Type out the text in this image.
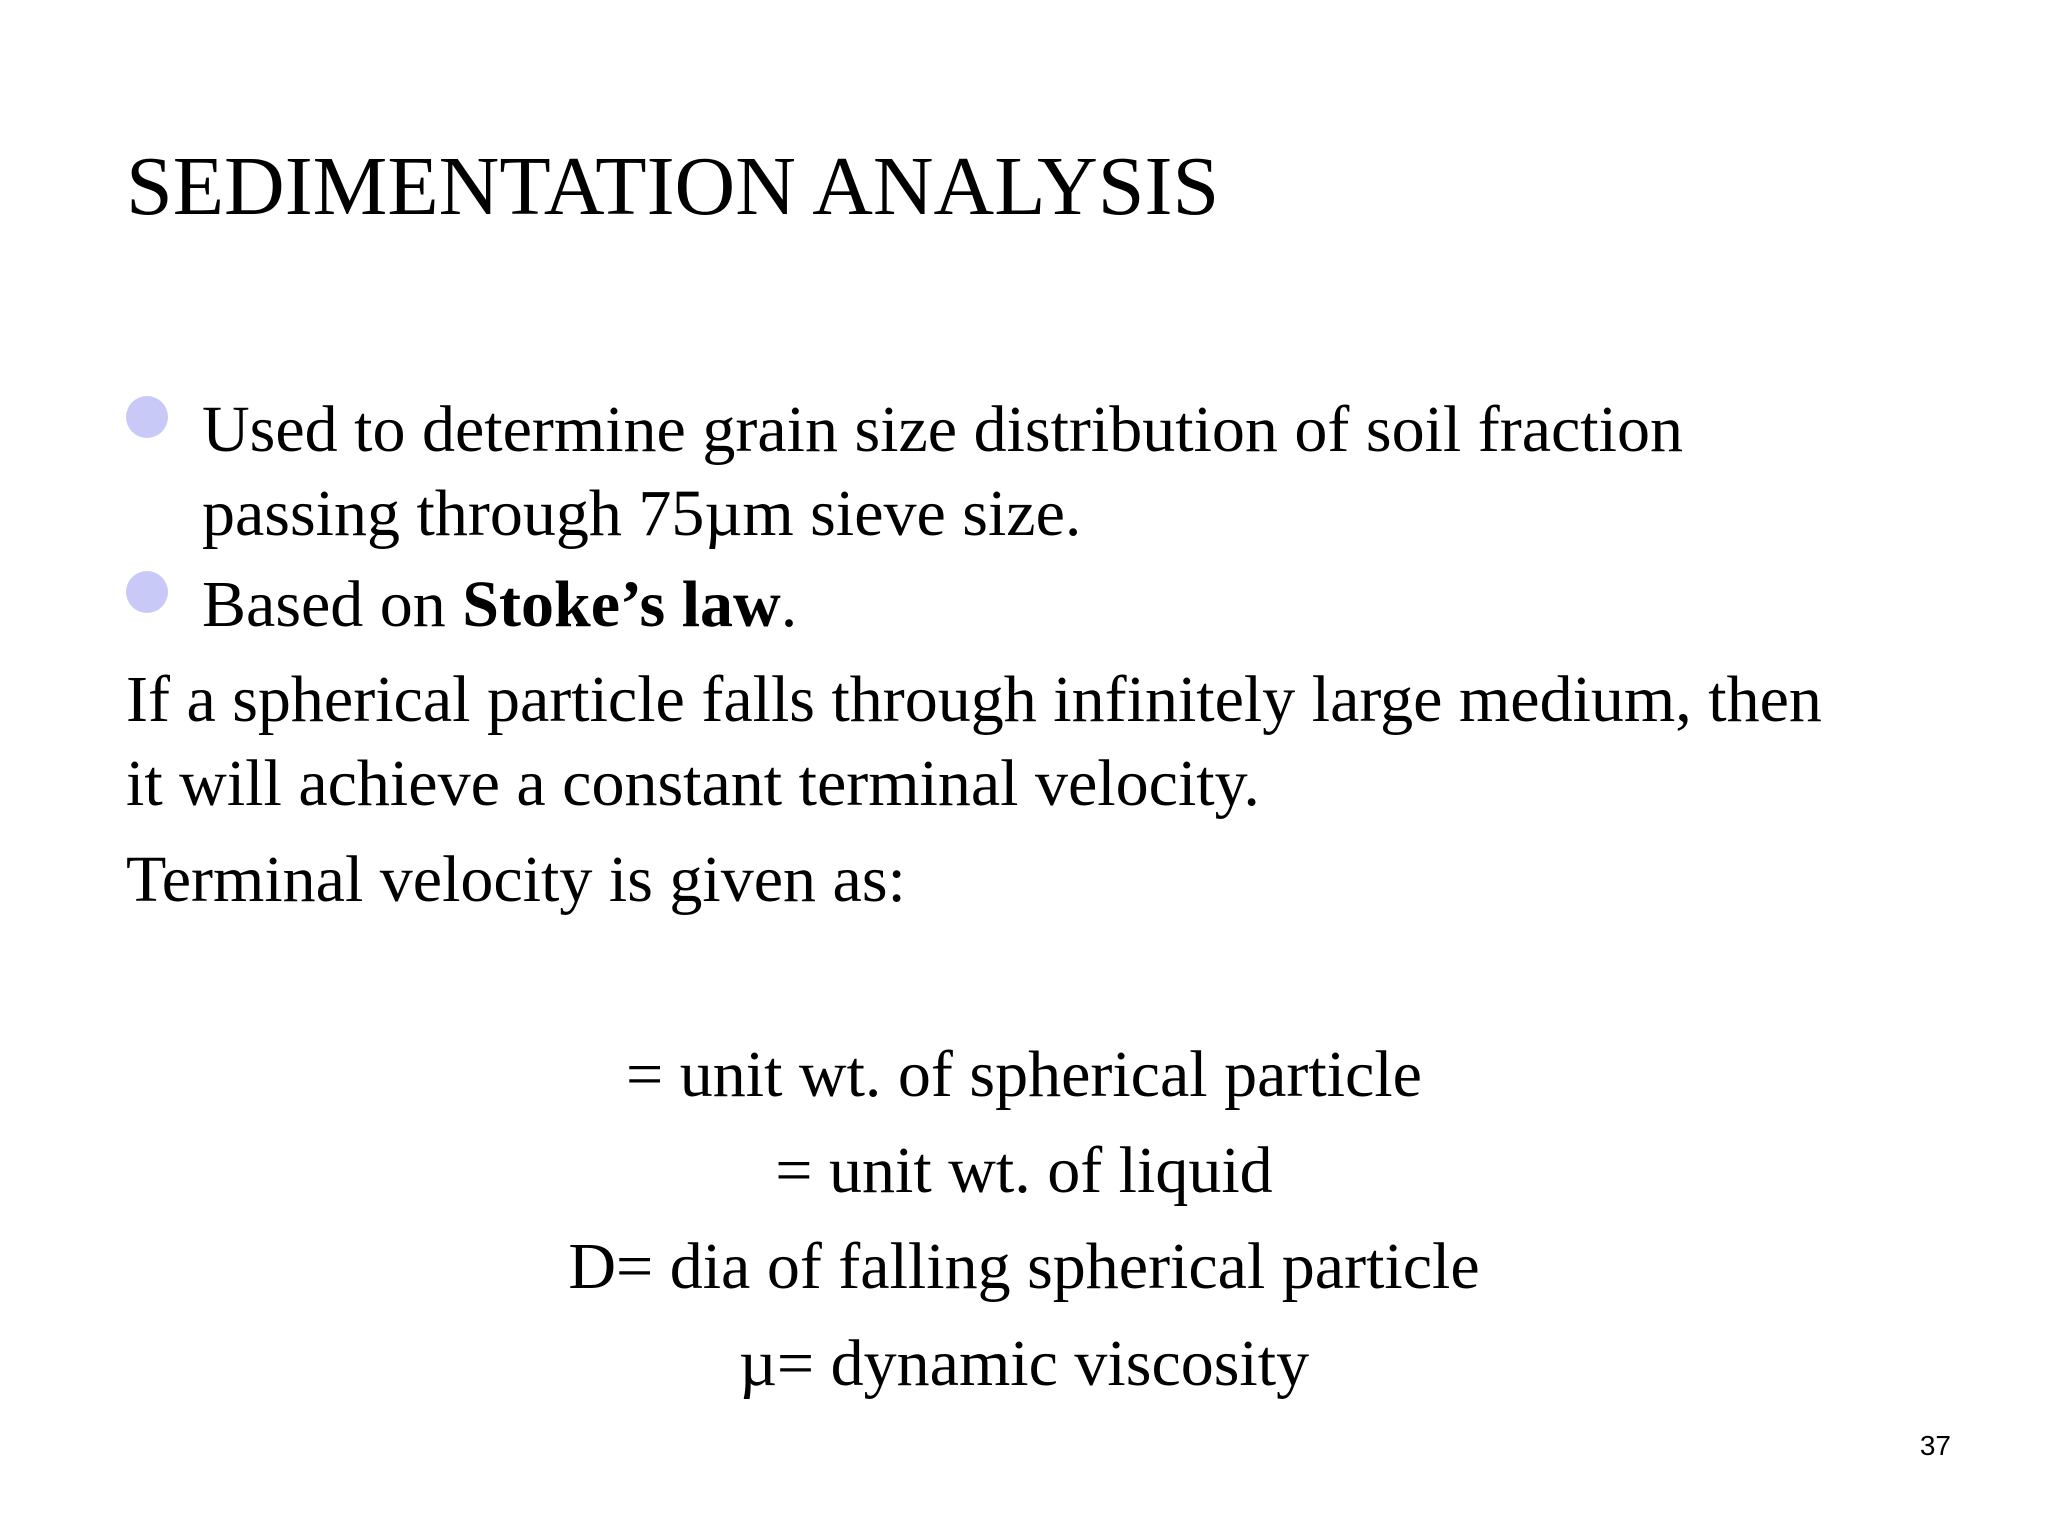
SEDIMENTATION ANALYSIS
Used to determine grain size distribution of soil fraction
passing through 75µm sieve size.
Based on Stoke’s law.
If a spherical particle falls through infinitely large medium, then
it will achieve a constant terminal velocity.
Terminal velocity is given as:
= unit wt. of spherical particle
= unit wt. of liquid
D= dia of falling spherical particle
µ= dynamic viscosity
37
